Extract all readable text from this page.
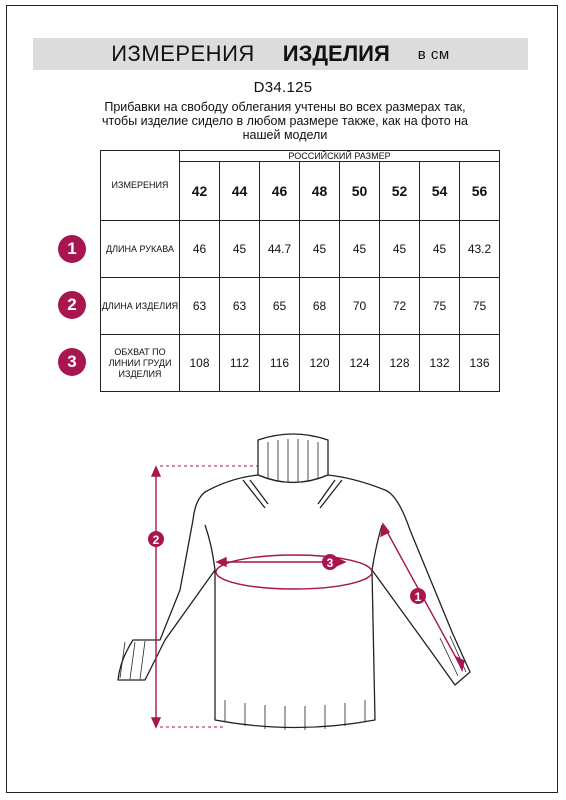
ИЗМЕРЕНИЯ ИЗДЕЛИЯ в см
D34.125
Прибавки на свободу облегания учтены во всех размерах так, чтобы изделие сидело в любом размере также, как на фото на нашей модели
ИЗМЕРЕНИЯ	РОССИЙСКИЙ РАЗМЕР							
	42	44	46	48	50	52	54	56
ДЛИНА РУКАВА	46	45	44.7	45	45	45	45	43.2
ДЛИНА ИЗДЕЛИЯ	63	63	65	68	70	72	75	75
ОБХВАТ ПО ЛИНИИ ГРУДИ ИЗДЕЛИЯ	108	112	116	120	124	128	132	136
1
2
3
2
3
1
